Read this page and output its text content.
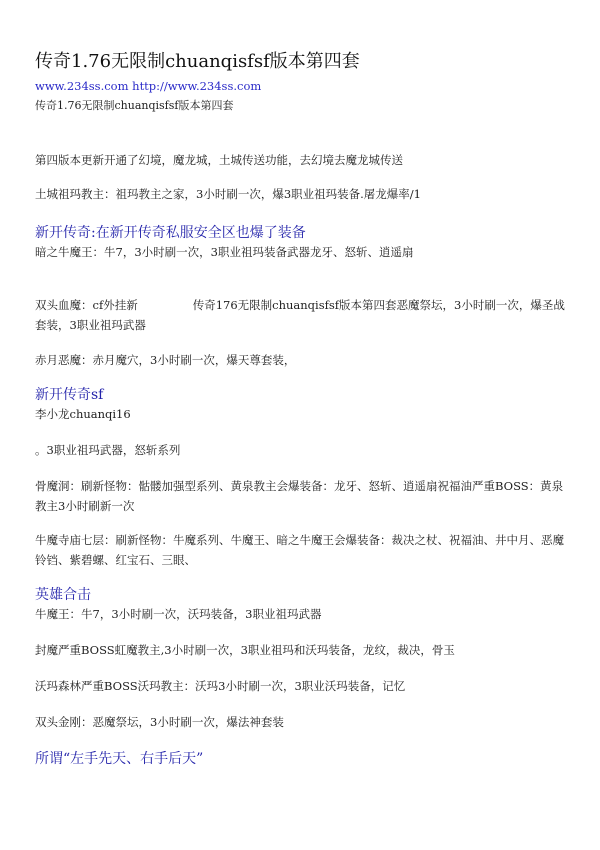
传奇1.76无限制chuanqisfsf版本第四套
www.234ss.com http://www.234ss.com
传奇1.76无限制chuanqisfsf版本第四套
第四版本更新开通了幻境，魔龙城，土城传送功能，去幻境去魔龙城传送
土城祖玛教主：祖玛教主之家，3小时刷一次，爆3职业祖玛装备.屠龙爆率/1
新开传奇:在新开传奇私服安全区也爆了装备
暗之牛魔王：牛7，3小时刷一次，3职业祖玛装备武器龙牙、怒斩、逍遥扇
双头血魔：cf外挂新	传奇176无限制chuanqisfsf版本第四套恶魔祭坛，3小时刷一次，爆圣战套装，3职业祖玛武器
赤月恶魔：赤月魔穴，3小时刷一次，爆天尊套装，
新开传奇sf
李小龙chuanqi16
。3职业祖玛武器，怒斩系列
骨魔洞：刷新怪物：骷髅加强型系列、黄泉教主会爆装备：龙牙、怒斩、逍遥扇祝福油严重BOSS：黄泉教主3小时刷新一次
牛魔寺庙七层：刷新怪物：牛魔系列、牛魔王、暗之牛魔王会爆装备：裁决之杖、祝福油、井中月、恶魔铃铛、紫碧螺、红宝石、三眼、
英雄合击
牛魔王：牛7，3小时刷一次，沃玛装备，3职业祖玛武器
封魔严重BOSS虹魔教主,3小时刷一次，3职业祖玛和沃玛装备，龙纹，裁决，骨玉
沃玛森林严重BOSS沃玛教主：沃玛3小时刷一次，3职业沃玛装备，记忆
双头金刚：恶魔祭坛，3小时刷一次，爆法神套装
所谓“左手先天、右手后天”
